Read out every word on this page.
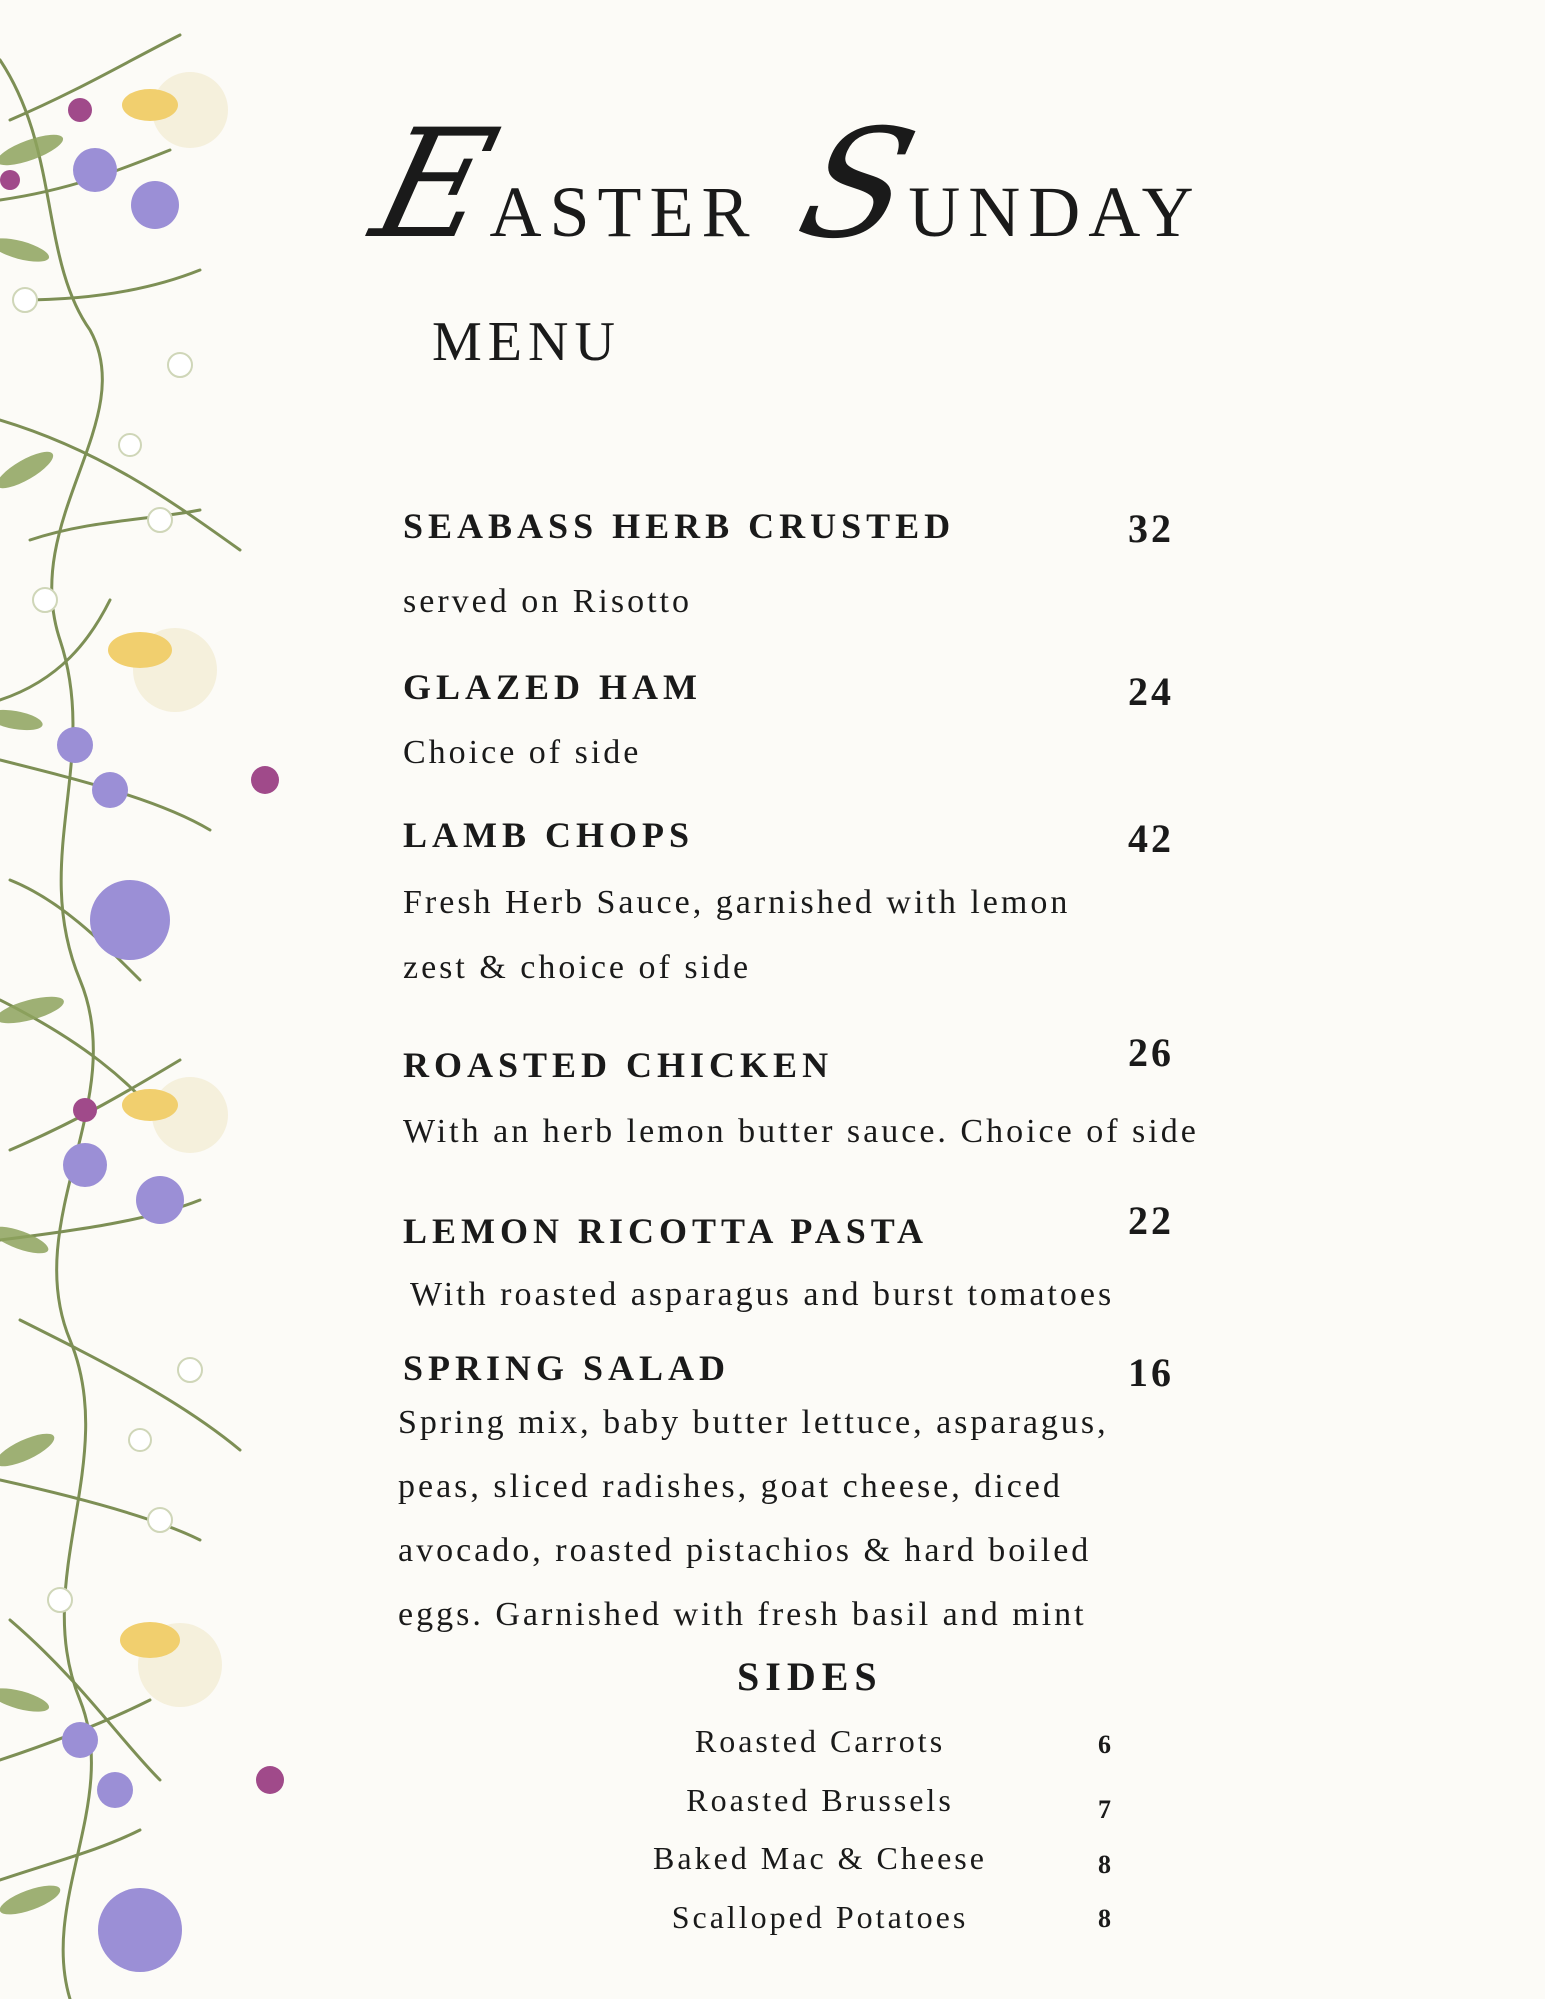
EASTER SUNDAY
MENU
SEABASS HERB CRUSTED	32
served on Risotto
GLAZED HAM	24
Choice of side
LAMB CHOPS	42
Fresh Herb Sauce, garnished with lemon
zest & choice of side
ROASTED CHICKEN	26
With an herb lemon butter sauce. Choice of side
LEMON RICOTTA PASTA	22
With roasted asparagus and burst tomatoes
SPRING SALAD	16
Spring mix, baby butter lettuce, asparagus,
peas, sliced radishes, goat cheese, diced
avocado, roasted pistachios & hard boiled
eggs. Garnished with fresh basil and mint
SIDES
Roasted Carrots	6
Roasted Brussels	7
Baked Mac & Cheese	8
Scalloped Potatoes	8
